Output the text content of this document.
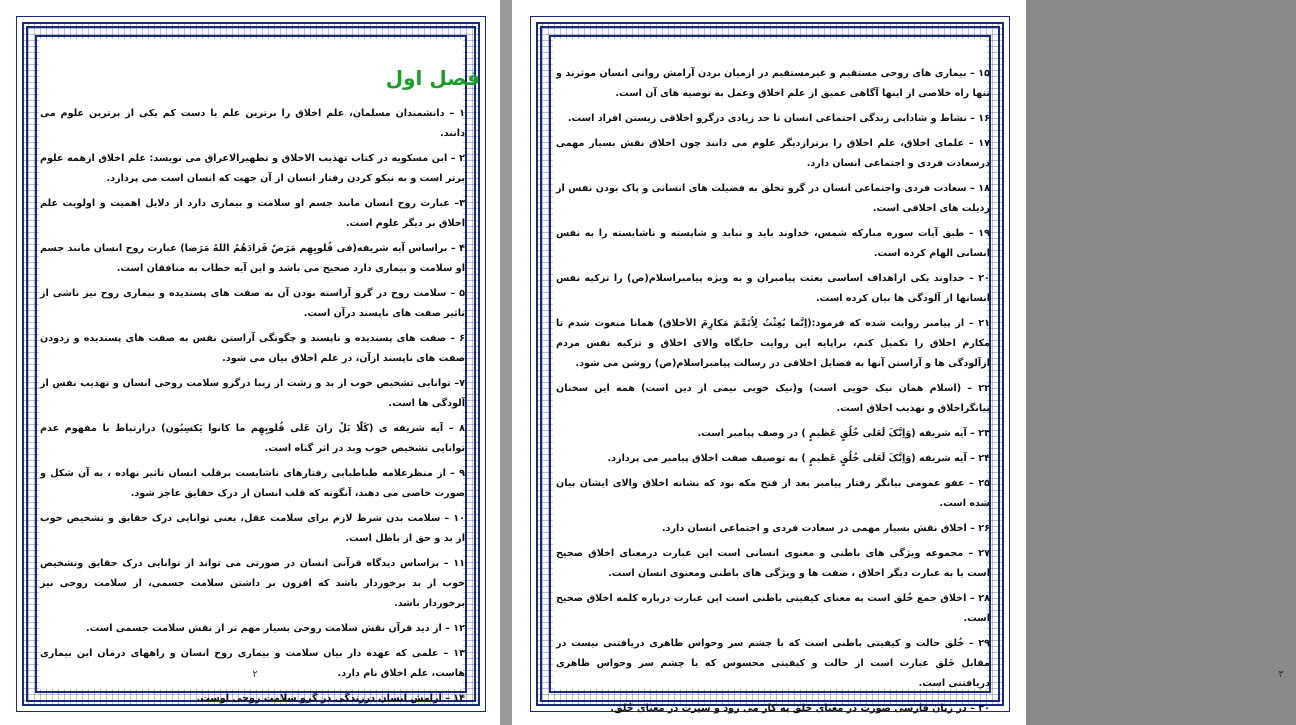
فصل اول

۱ – دانشمندان مسلمان، علم اخلاق را برترین علم یا دست کم یکی از برترین علوم می دانند.

۲ – ابن مسکویه در کتاب تهذیب الاخلاق و تطهیرالاعراق می نویسد: علم اخلاق ازهمه علوم برتر است و به نیکو کردن رفتار انسان از آن جهت که انسان است می پردازد.

۳– عبارت روح انسان مانند جسم او سلامت و بیماری دارد از دلایل اهمیت و اولویت علم اخلاق بر دیگر علوم است.

۴ – براساس آیه شریفه(فی قُلوبِهِم مَرَضٌ فَزادَهُمُ اللهُ مَرَضا) عبارت روح انسان مانند جسم او سلامت و بیماری دارد صحیح می باشد و این آیه خطاب به منافقان است.

۵ – سلامت روح در گرو آراسته بودن آن به صفت های پسندیده و بیماری روح نیز ناشی از تاثیر صفت های ناپسند درآن است.

۶ – صفت های پسندیده و ناپسند و چگونگی آراستن نفس به صفت های پسندیده و زدودن صفت های ناپسند ازآن، در علم اخلاق بیان می شود.

۷– توانایی تشخیص خوب از بد و زشت از زیبا درگرو سلامت روحی انسان و تهذیب نفس از آلودگی ها است.

۸ – آیه شریفه ی (کَلّا بَلْ رانَ عَلی قُلوبِهِم ما کانوا یَکسِبُون) درارتباط با مفهوم عدم توانایی تشخیص خوب وبد در اثر گناه است.

۹ – از منظرعلامه طباطبایی رفتارهای ناشایست برقلب انسان تاثیر نهاده ، به آن شکل و صورت خاصی می دهند، آنگونه که قلب انسان از درک حقایق عاجز شود.

۱۰ – سلامت بدن شرط لازم برای سلامت عقل، یعنی توانایی درک حقایق و تشخیص خوب از بد و حق از باطل است.

۱۱ – براساس دیدگاه قرآنی انسان در صورتی می تواند از توانایی درک حقایق وتشخیص خوب از بد برخوردار باشد که افزون بر داشتن سلامت جسمی، از سلامت روحی نیز برخوردار باشد.

۱۲ – از دید قرآن نقش سلامت روحی بسیار مهم تر از نقش سلامت جسمی است.

۱۳ – علمی که عهده دار بیان سلامت و بیماری روح انسان و راههای درمان این بیماری هاست، علم اخلاق نام دارد.

۱۴ – آرامش انسان درزندگی در گرو سلامت روحی اوست.

۲

۱۵ – بیماری های روحی مستقیم و غیرمستقیم در ازمیان بردن آرامش روانی انسان موثرند و تنها راه خلاصی از اینها آگاهی عمیق از علم اخلاق وعمل به توصیه های آن است.

۱۶ – نشاط و شادابی زندگی اجتماعی انسان تا حد زیادی درگرو اخلاقی زیستن افراد است.

۱۷ – علمای اخلاق، علم اخلاق را برترازدیگر علوم می دانند چون اخلاق نقش بسیار مهمی درسعادت فردی و اجتماعی انسان دارد.

۱۸ – سعادت فردی واجتماعی انسان در گرو تخلق به فضیلت های انسانی و پاک بودن نفس از رذیلت های اخلاقی است.

۱۹ – طبق آیات سوره مبارکه شمس، خداوند باید و نباید و شایسته و ناشایسته را به نفس انسانی الهام کرده است.

۲۰ – خداوند یکی ازاهداف اساسی بعثت پیامبران و به ویژه پیامبراسلام(ص) را تزکیه نفس انسانها از آلودگی ها بیان کرده است.

۲۱ – از پیامبر روایت شده که فرمود:(اِنَّما بُعِثْتُ لِاُتَمِّمَ مَکارِمَ الاَخلاق) همانا مبعوث شدم تا مکارم اخلاق را تکمیل کنم، براپایه این روایت جایگاه والای اخلاق و تزکیه نفس مردم ازآلودگی ها و آراستن آنها به فضایل اخلاقی در رسالت پیامبراسلام(ص) روشن می شود.

۲۲ – (اسلام همان نیک خویی است) و(نیک خویی نیمی از دین است) همه این سخنان بیانگراخلاق و تهذیب اخلاق است.

۲۳ – آیه شریفه (وَاِنَّکَ لَعَلی خُلُقٍ عَظیمٍ ) در وصف پیامبر است.

۲۴ – آیه شریفه (وَاِنَّکَ لَعَلی خُلُقٍ عَظیمٍ ) به توصیف صفت اخلاق پیامبر می پردازد.

۲۵ – عفو عمومی بیانگر رفتار پیامبر بعد از فتح مکه بود که نشانه اخلاق والای ایشان بیان شده است.

۲۶ – اخلاق نقش بسیار مهمی در سعادت فردی و اجتماعی انسان دارد.

۲۷ – مجموعه ویژگی های باطنی و معنوی انسانی است این عبارت درمعنای اخلاق صحیح است یا به عبارت دیگر اخلاق ، صفت ها و ویژگی های باطنی ومعنوی انسان است.

۲۸ – اخلاق جمع خُلق است به معنای کیفیتی باطنی است این عبارت درباره کلمه اخلاق صحیح است.

۲۹ – خُلق حالت و کیفیتی باطنی است که با چشم سر وحواس ظاهری دریافتنی نیست در مقابل خَلق عبارت است از حالت و کیفیتی محسوس که با چشم سر وحواس ظاهری دریافتنی است.

۳۰ – در زبان فارسی صورت در معنای خَلق به کار می رود و سیرت در معنای خُلق.

۳
